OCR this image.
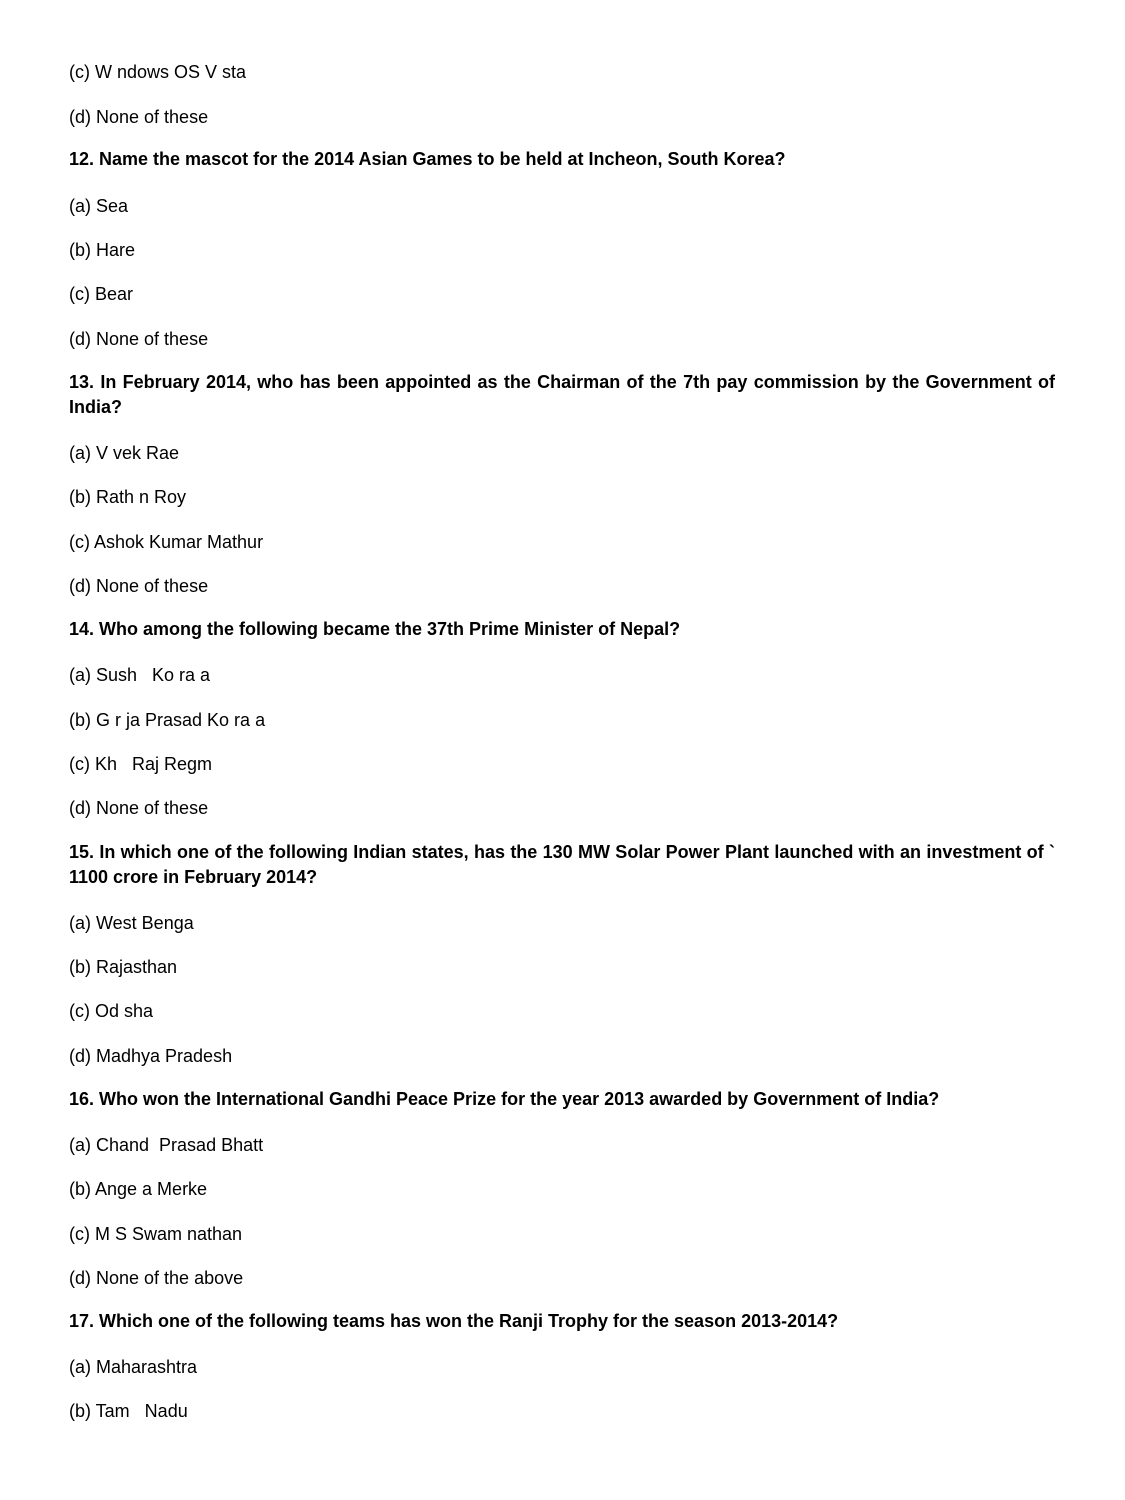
(c) W ndows OS V sta
(d) None of these
12. Name the mascot for the 2014 Asian Games to be held at Incheon, South Korea?
(a) Sea
(b) Hare
(c) Bear
(d) None of these
13. In February 2014, who has been appointed as the Chairman of the 7th pay commission by the Government of India?
(a) V vek Rae
(b) Rath n Roy
(c) Ashok Kumar Mathur
(d) None of these
14. Who among the following became the 37th Prime Minister of Nepal?
(a) Sush   Ko ra a
(b) G r ja Prasad Ko ra a
(c) Kh   Raj Regm
(d) None of these
15. In which one of the following Indian states, has the 130 MW Solar Power Plant launched with an investment of ` 1100 crore in February 2014?
(a) West Benga
(b) Rajasthan
(c) Od sha
(d) Madhya Pradesh
16. Who won the International Gandhi Peace Prize for the year 2013 awarded by Government of India?
(a) Chand  Prasad Bhatt
(b) Ange a Merke
(c) M S Swam nathan
(d) None of the above
17. Which one of the following teams has won the Ranji Trophy for the season 2013-2014?
(a) Maharashtra
(b) Tam   Nadu
